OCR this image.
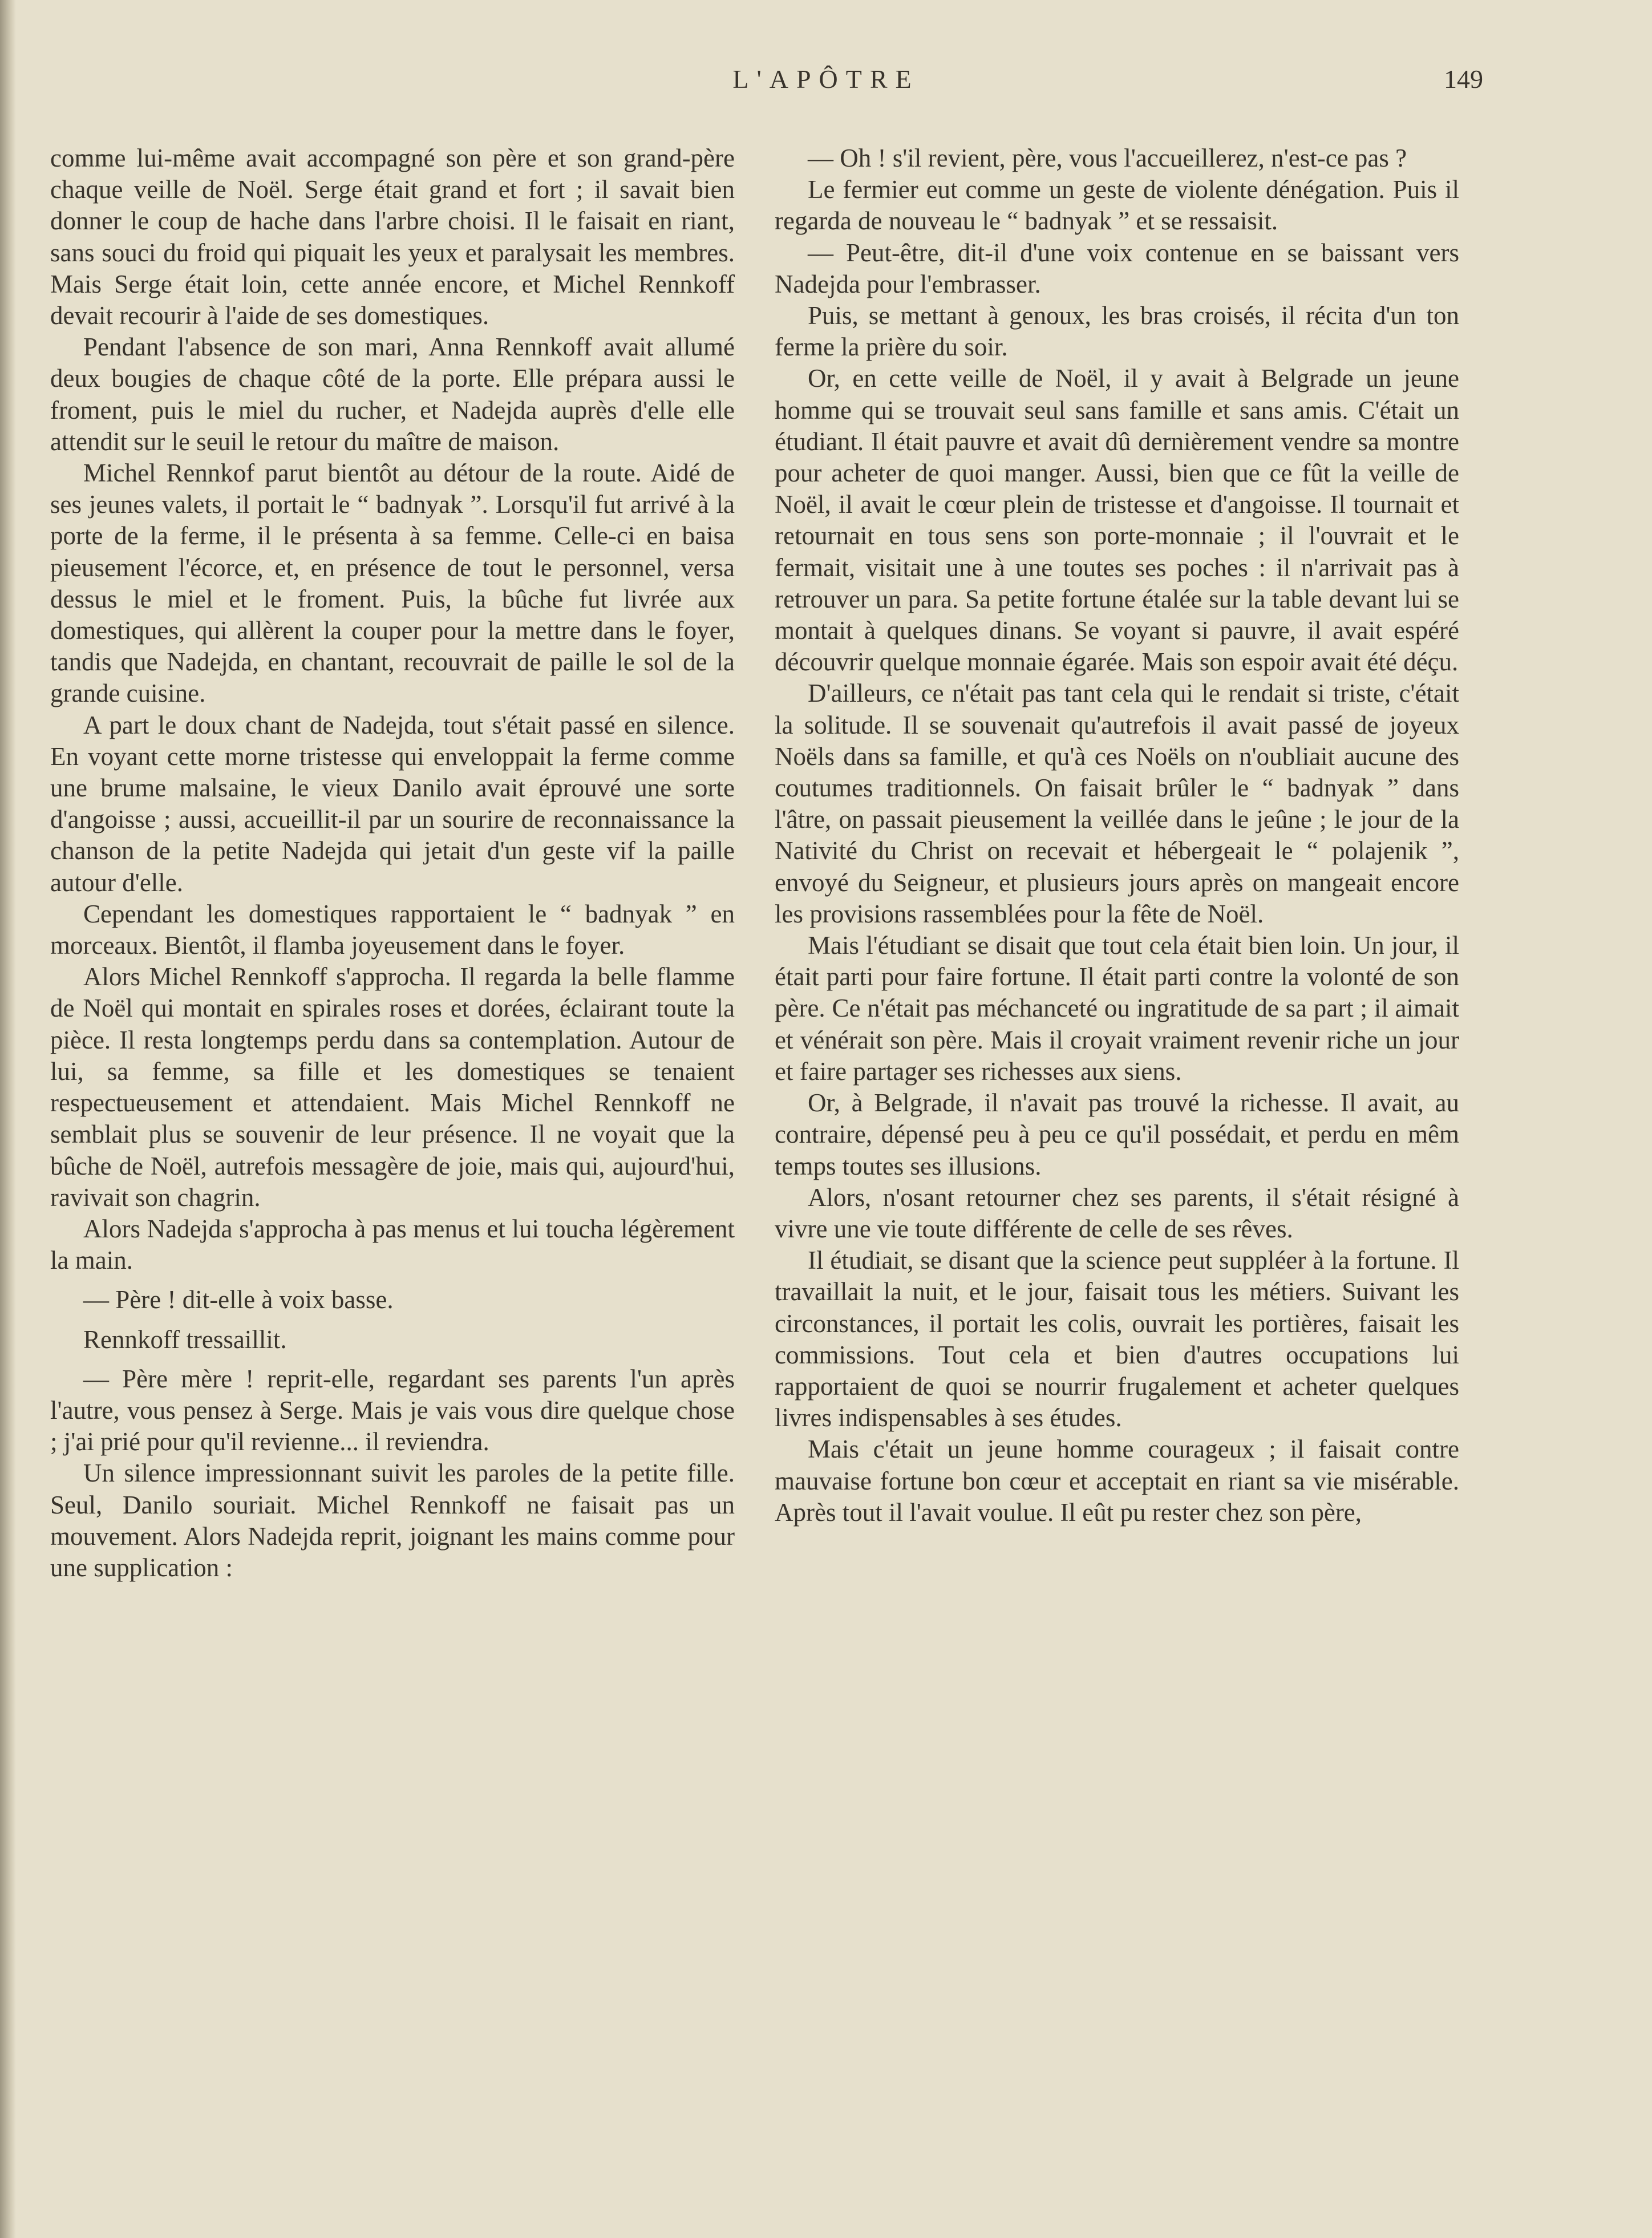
L'APÔTRE	149

comme lui-même avait accompagné son père et son grand-père chaque veille de Noël. Serge était grand et fort ; il savait bien donner le coup de hache dans l'arbre choisi. Il le faisait en riant, sans souci du froid qui piquait les yeux et paralysait les membres. Mais Serge était loin, cette année encore, et Michel Rennkoff devait recourir à l'aide de ses domestiques.

Pendant l'absence de son mari, Anna Rennkoff avait allumé deux bougies de chaque côté de la porte. Elle prépara aussi le froment, puis le miel du rucher, et Nadejda auprès d'elle elle attendit sur le seuil le retour du maître de maison.

Michel Rennkof parut bientôt au détour de la route. Aidé de ses jeunes valets, il portait le “ badnyak ”. Lorsqu'il fut arrivé à la porte de la ferme, il le présenta à sa femme. Celle-ci en baisa pieusement l'écorce, et, en présence de tout le personnel, versa dessus le miel et le froment. Puis, la bûche fut livrée aux domestiques, qui allèrent la couper pour la mettre dans le foyer, tandis que Nadejda, en chantant, recouvrait de paille le sol de la grande cuisine.

A part le doux chant de Nadejda, tout s'était passé en silence. En voyant cette morne tristesse qui enveloppait la ferme comme une brume malsaine, le vieux Danilo avait éprouvé une sorte d'angoisse ; aussi, accueillit-il par un sourire de reconnaissance la chanson de la petite Nadejda qui jetait d'un geste vif la paille autour d'elle.

Cependant les domestiques rapportaient le “ badnyak ” en morceaux. Bientôt, il flamba joyeusement dans le foyer.

Alors Michel Rennkoff s'approcha. Il regarda la belle flamme de Noël qui montait en spirales roses et dorées, éclairant toute la pièce. Il resta longtemps perdu dans sa contemplation. Autour de lui, sa femme, sa fille et les domestiques se tenaient respectueusement et attendaient. Mais Michel Rennkoff ne semblait plus se souvenir de leur présence. Il ne voyait que la bûche de Noël, autrefois messagère de joie, mais qui, aujourd'hui, ravivait son chagrin.

Alors Nadejda s'approcha à pas menus et lui toucha légèrement la main.

— Père ! dit-elle à voix basse.

Rennkoff tressaillit.

— Père mère ! reprit-elle, regardant ses parents l'un après l'autre, vous pensez à Serge. Mais je vais vous dire quelque chose ; j'ai prié pour qu'il revienne... il reviendra.

Un silence impressionnant suivit les paroles de la petite fille. Seul, Danilo souriait. Michel Rennkoff ne faisait pas un mouvement. Alors Nadejda reprit, joignant les mains comme pour une supplication :

— Oh ! s'il revient, père, vous l'accueillerez, n'est-ce pas ?

Le fermier eut comme un geste de violente dénégation. Puis il regarda de nouveau le “ badnyak ” et se ressaisit.

— Peut-être, dit-il d'une voix contenue en se baissant vers Nadejda pour l'embrasser.

Puis, se mettant à genoux, les bras croisés, il récita d'un ton ferme la prière du soir.

Or, en cette veille de Noël, il y avait à Belgrade un jeune homme qui se trouvait seul sans famille et sans amis. C'était un étudiant. Il était pauvre et avait dû dernièrement vendre sa montre pour acheter de quoi manger. Aussi, bien que ce fût la veille de Noël, il avait le cœur plein de tristesse et d'angoisse. Il tournait et retournait en tous sens son porte-monnaie ; il l'ouvrait et le fermait, visitait une à une toutes ses poches : il n'arrivait pas à retrouver un para. Sa petite fortune étalée sur la table devant lui se montait à quelques dinans. Se voyant si pauvre, il avait espéré découvrir quelque monnaie égarée. Mais son espoir avait été déçu.

D'ailleurs, ce n'était pas tant cela qui le rendait si triste, c'était la solitude. Il se souvenait qu'autrefois il avait passé de joyeux Noëls dans sa famille, et qu'à ces Noëls on n'oubliait aucune des coutumes traditionnels. On faisait brûler le “ badnyak ” dans l'âtre, on passait pieusement la veillée dans le jeûne ; le jour de la Nativité du Christ on recevait et hébergeait le “ polajenik ”, envoyé du Seigneur, et plusieurs jours après on mangeait encore les provisions rassemblées pour la fête de Noël.

Mais l'étudiant se disait que tout cela était bien loin. Un jour, il était parti pour faire fortune. Il était parti contre la volonté de son père. Ce n'était pas méchanceté ou ingratitude de sa part ; il aimait et vénérait son père. Mais il croyait vraiment revenir riche un jour et faire partager ses richesses aux siens.

Or, à Belgrade, il n'avait pas trouvé la richesse. Il avait, au contraire, dépensé peu à peu ce qu'il possédait, et perdu en mêm temps toutes ses illusions.

Alors, n'osant retourner chez ses parents, il s'était résigné à vivre une vie toute différente de celle de ses rêves.

Il étudiait, se disant que la science peut suppléer à la fortune. Il travaillait la nuit, et le jour, faisait tous les métiers. Suivant les circonstances, il portait les colis, ouvrait les portières, faisait les commissions. Tout cela et bien d'autres occupations lui rapportaient de quoi se nourrir frugalement et acheter quelques livres indispensables à ses études.

Mais c'était un jeune homme courageux ; il faisait contre mauvaise fortune bon cœur et acceptait en riant sa vie misérable. Après tout il l'avait voulue. Il eût pu rester chez son père,
